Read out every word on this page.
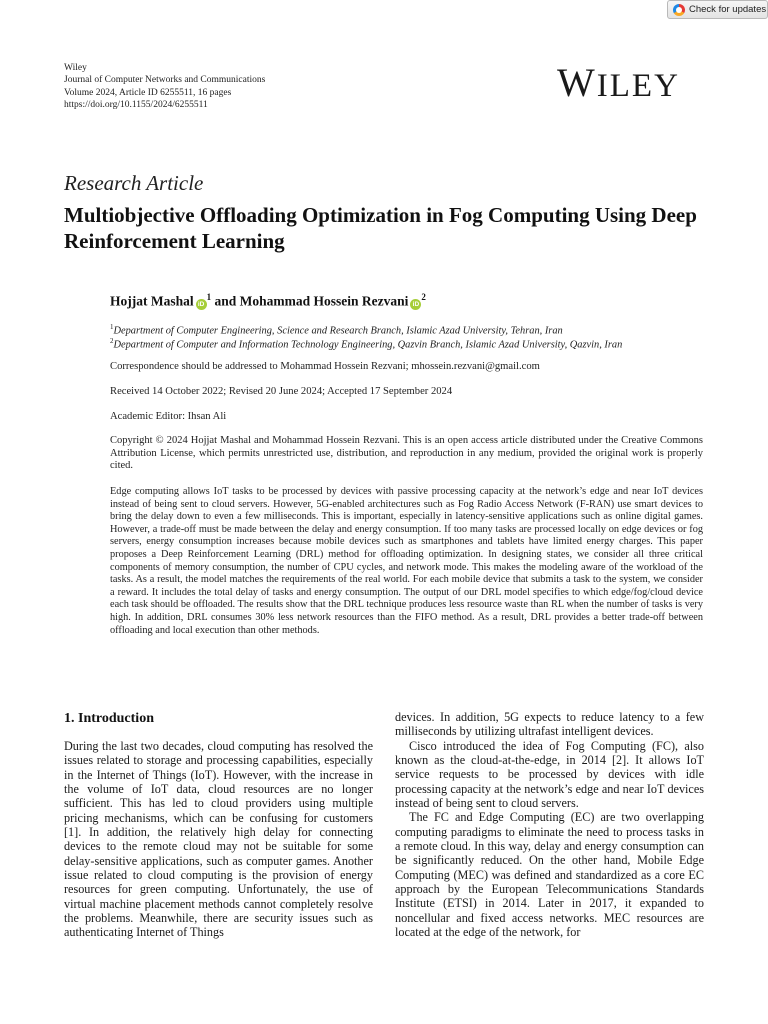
Check for updates
Wiley
Journal of Computer Networks and Communications
Volume 2024, Article ID 6255511, 16 pages
https://doi.org/10.1155/2024/6255511	WILEY
Research Article
Multiobjective Offloading Optimization in Fog Computing Using Deep Reinforcement Learning
Hojjat Mashal $iD^1$ and Mohammad Hossein Rezvani $iD^2$
$^1$Department of Computer Engineering, Science and Research Branch, Islamic Azad University, Tehran, Iran
$^2$Department of Computer and Information Technology Engineering, Qazvin Branch, Islamic Azad University, Qazvin, Iran
Correspondence should be addressed to Mohammad Hossein Rezvani; mhossein.rezvani@gmail.com
Received 14 October 2022; Revised 20 June 2024; Accepted 17 September 2024
Academic Editor: Ihsan Ali
Copyright © 2024 Hojjat Mashal and Mohammad Hossein Rezvani. This is an open access article distributed under the Creative Commons Attribution License, which permits unrestricted use, distribution, and reproduction in any medium, provided the original work is properly cited.
Edge computing allows IoT tasks to be processed by devices with passive processing capacity at the network’s edge and near IoT devices instead of being sent to cloud servers. However, 5G-enabled architectures such as Fog Radio Access Network (F-RAN) use smart devices to bring the delay down to even a few milliseconds. This is important, especially in latency-sensitive applications such as online digital games. However, a trade-off must be made between the delay and energy consumption. If too many tasks are processed locally on edge devices or fog servers, energy consumption increases because mobile devices such as smartphones and tablets have limited energy charges. This paper proposes a Deep Reinforcement Learning (DRL) method for offloading optimization. In designing states, we consider all three critical components of memory consumption, the number of CPU cycles, and network mode. This makes the modeling aware of the workload of the tasks. As a result, the model matches the requirements of the real world. For each mobile device that submits a task to the system, we consider a reward. It includes the total delay of tasks and energy consumption. The output of our DRL model specifies to which edge/fog/cloud device each task should be offloaded. The results show that the DRL technique produces less resource waste than RL when the number of tasks is very high. In addition, DRL consumes 30% less network resources than the FIFO method. As a result, DRL provides a better trade-off between offloading and local execution than other methods.
1. Introduction

During the last two decades, cloud computing has resolved the issues related to storage and processing capabilities, especially in the Internet of Things (IoT). However, with the increase in the volume of IoT data, cloud resources are no longer sufficient. This has led to cloud providers using multiple pricing mechanisms, which can be confusing for customers [1]. In addition, the relatively high delay for connecting devices to the remote cloud may not be suitable for some delay-sensitive applications, such as computer games. Another issue related to cloud computing is the provision of energy resources for green computing. Unfortunately, the use of virtual machine placement methods cannot completely resolve the problems. Meanwhile, there are security issues such as authenticating Internet of Things

devices. In addition, 5G expects to reduce latency to a few milliseconds by utilizing ultrafast intelligent devices.

Cisco introduced the idea of Fog Computing (FC), also known as the cloud-at-the-edge, in 2014 [2]. It allows IoT service requests to be processed by devices with idle processing capacity at the network’s edge and near IoT devices instead of being sent to cloud servers.

The FC and Edge Computing (EC) are two overlapping computing paradigms to eliminate the need to process tasks in a remote cloud. In this way, delay and energy consumption can be significantly reduced. On the other hand, Mobile Edge Computing (MEC) was defined and standardized as a core EC approach by the European Telecommunications Standards Institute (ETSI) in 2014. Later in 2017, it expanded to noncellular and fixed access networks. MEC resources are located at the edge of the network, for
